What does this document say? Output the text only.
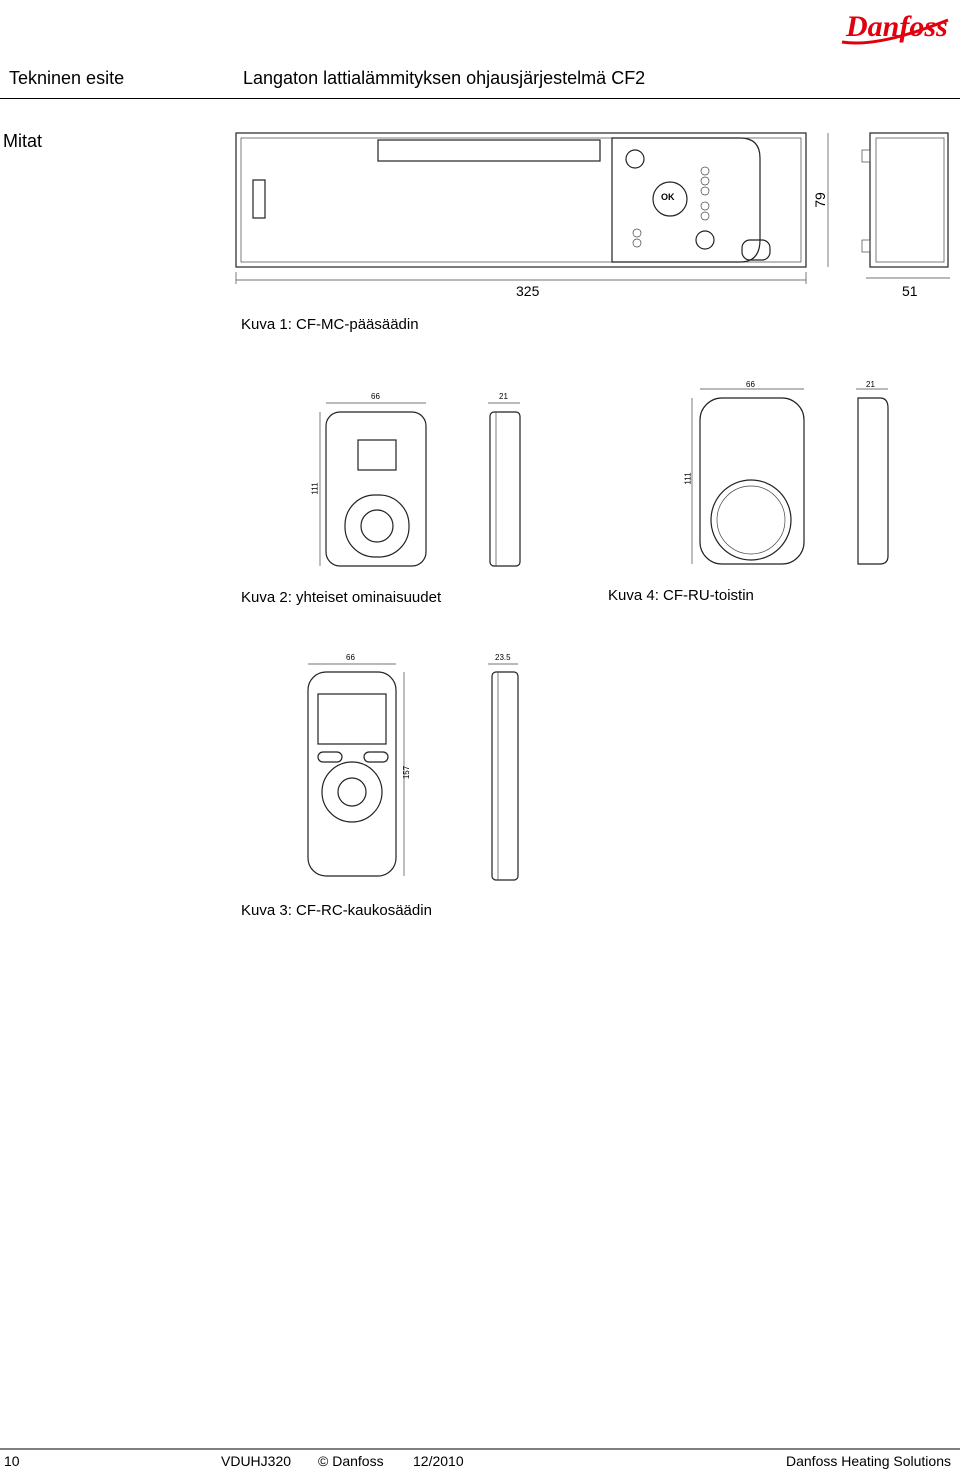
Danfoss
Tekninen esite	Langaton lattialämmityksen ohjausjärjestelmä CF2
Mitat
OK
325
79
51
Kuva 1: CF-MC-pääsäädin
66	21
111
Kuva 2: yhteiset ominaisuudet
66	21
111
Kuva 4: CF-RU-toistin
66	23.5
157
Kuva 3: CF-RC-kaukosäädin
10	VDUHJ320 © Danfoss 12/2010	Danfoss Heating Solutions
